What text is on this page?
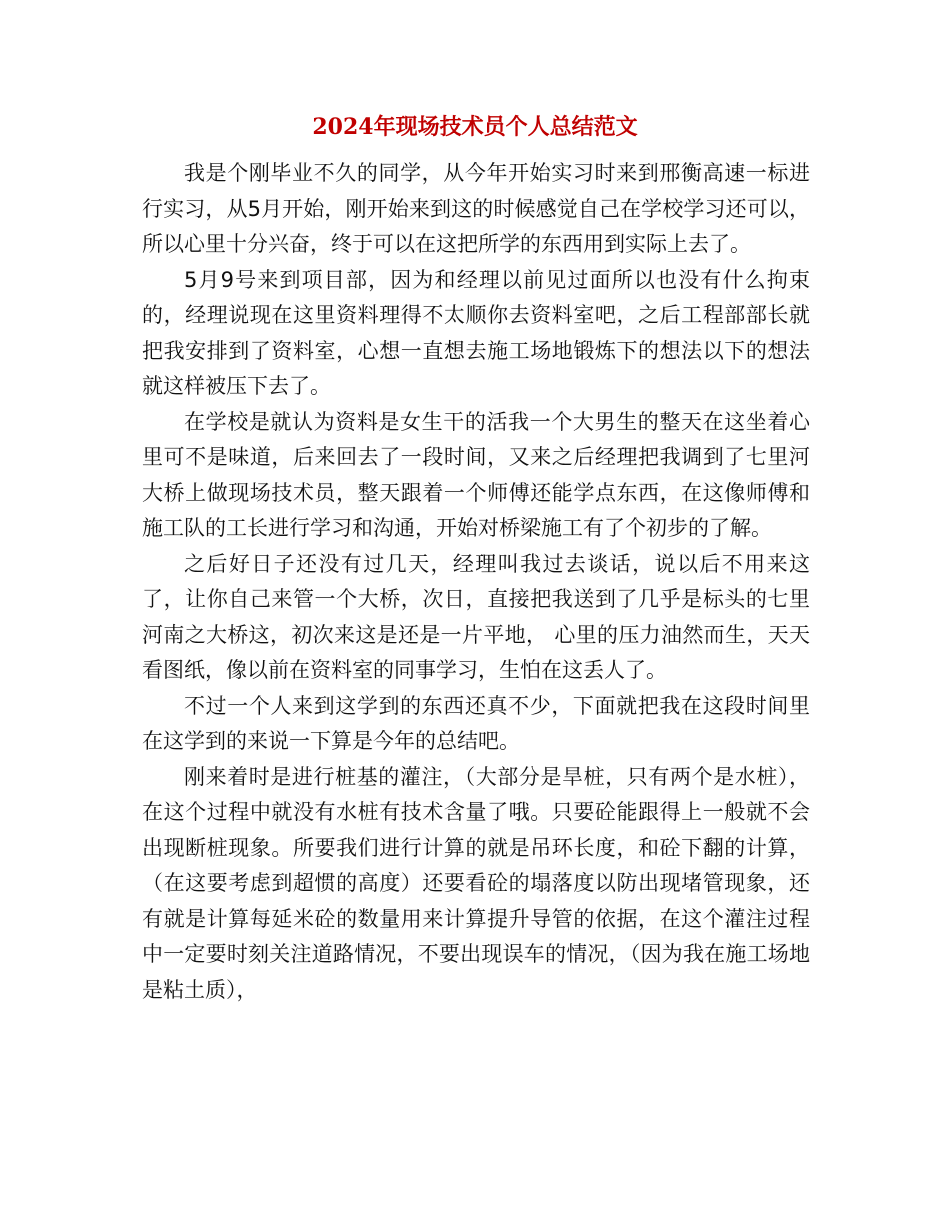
2024年现场技术员个人总结范文

我是个刚毕业不久的同学，从今年开始实习时来到邢衡高速一标进行实习，从5月开始，刚开始来到这的时候感觉自己在学校学习还可以，所以心里十分兴奋，终于可以在这把所学的东西用到实际上去了。

5月9号来到项目部，因为和经理以前见过面所以也没有什么拘束的，经理说现在这里资料理得不太顺你去资料室吧，之后工程部部长就把我安排到了资料室，心想一直想去施工场地锻炼下的想法以下的想法就这样被压下去了。

在学校是就认为资料是女生干的活我一个大男生的整天在这坐着心里可不是味道，后来回去了一段时间，又来之后经理把我调到了七里河大桥上做现场技术员，整天跟着一个师傅还能学点东西，在这像师傅和施工队的工长进行学习和沟通，开始对桥梁施工有了个初步的了解。

之后好日子还没有过几天，经理叫我过去谈话，说以后不用来这了，让你自己来管一个大桥，次日，直接把我送到了几乎是标头的七里河南之大桥这，初次来这是还是一片平地， 心里的压力油然而生，天天看图纸，像以前在资料室的同事学习，生怕在这丢人了。

不过一个人来到这学到的东西还真不少，下面就把我在这段时间里在这学到的来说一下算是今年的总结吧。

刚来着时是进行桩基的灌注，（大部分是旱桩，只有两个是水桩），在这个过程中就没有水桩有技术含量了哦。只要砼能跟得上一般就不会出现断桩现象。所要我们进行计算的就是吊环长度，和砼下翻的计算，（在这要考虑到超惯的高度）还要看砼的塌落度以防出现堵管现象，还有就是计算每延米砼的数量用来计算提升导管的依据，在这个灌注过程中一定要时刻关注道路情况，不要出现误车的情况，（因为我在施工场地是粘土质），
